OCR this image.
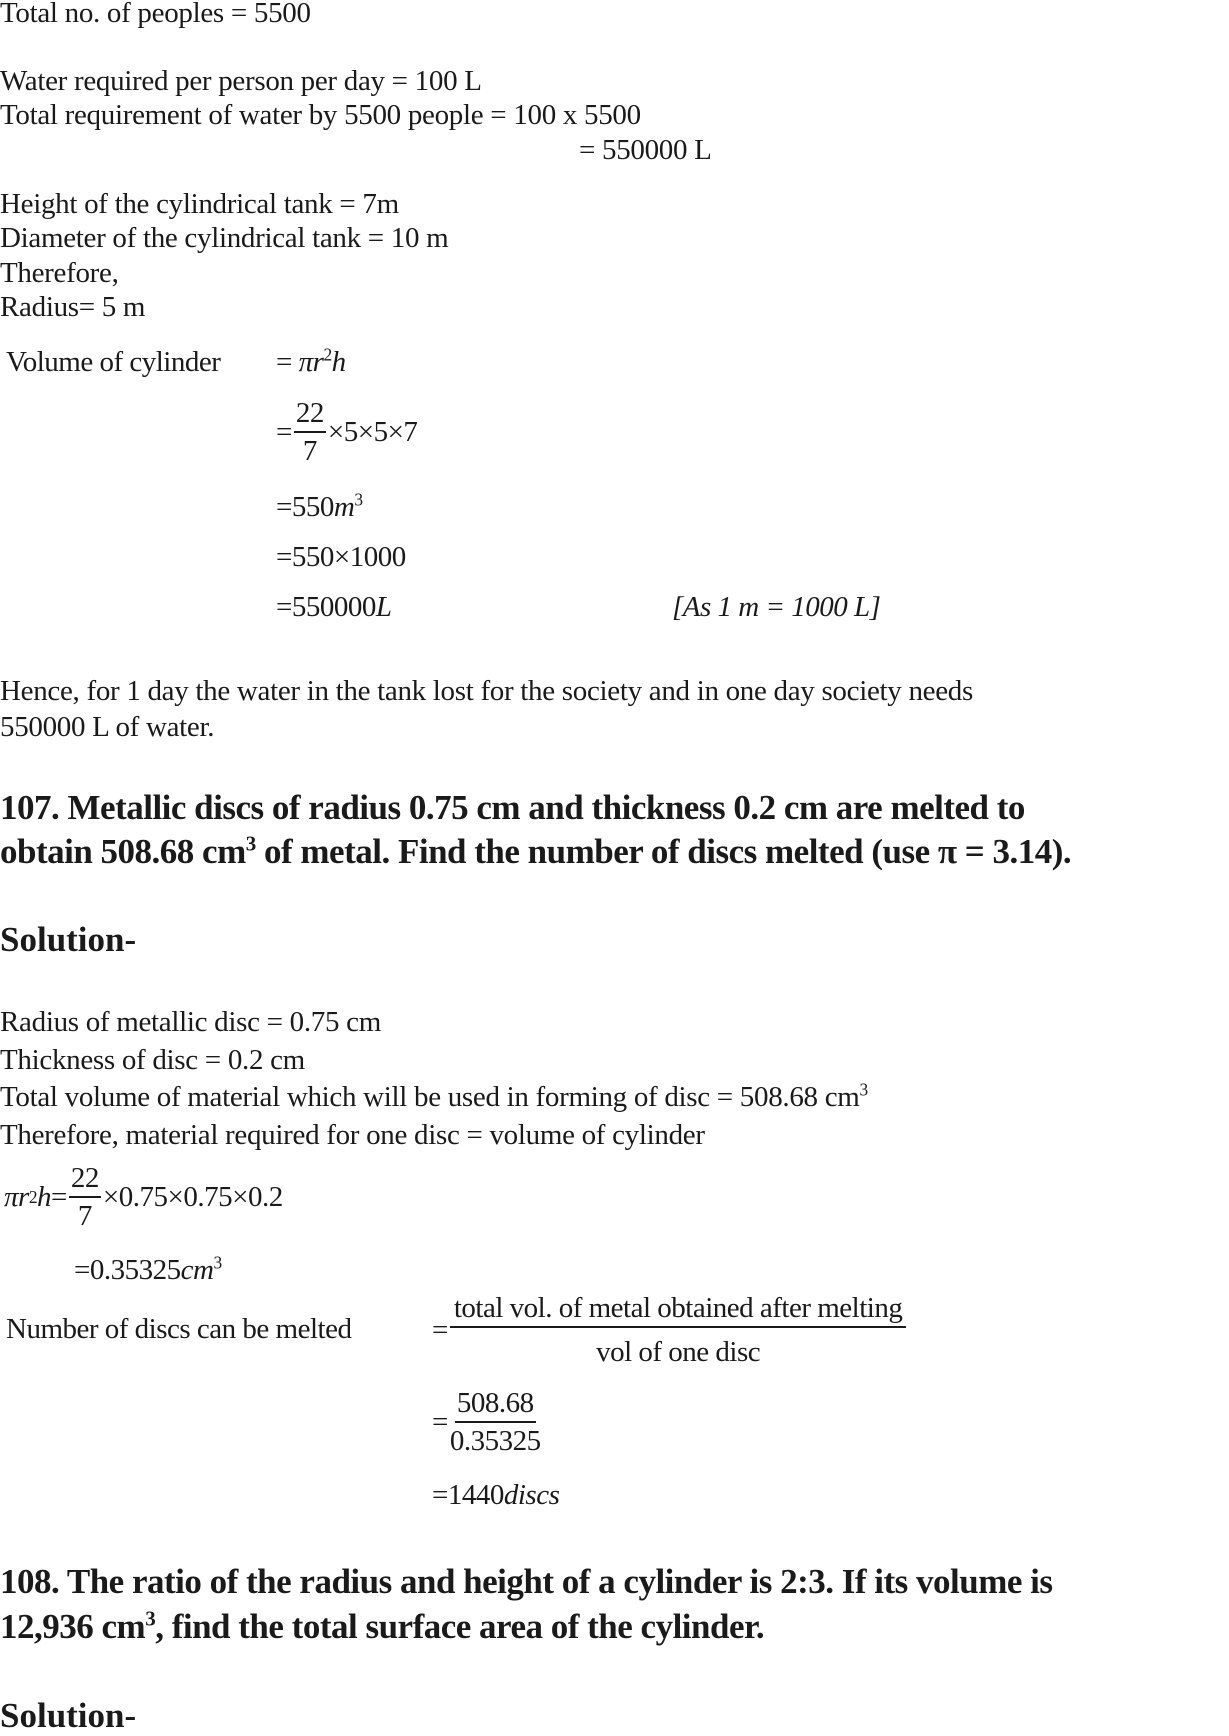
Total no. of peoples = 5500
Water required per person per day = 100 L
Total requirement of water by 5500 people = 100 x 5500
= 550000 L
Height of the cylindrical tank = 7m
Diameter of the cylindrical tank = 10 m
Therefore,
Radius= 5 m
Volume of cylinder = $\pi r^2h$
= $\frac{22}{7} \times 5\times 5\times 7$
$=550m^3$
=550×1000
=550000L	[As 1 m = 1000 L]
Hence, for 1 day the water in the tank lost for the society and in one day society needs
550000 L of water.
107. Metallic discs of radius 0.75 cm and thickness 0.2 cm are melted to
obtain 508.68 $cm^3$ of metal. Find the number of discs melted (use π = 3.14).
Solution-
Radius of metallic disc = 0.75 cm
Thickness of disc = 0.2 cm
Total volume of material which will be used in forming of disc = 508.68 $cm^3$
Therefore, material required for one disc = volume of cylinder
πr 2 $h = \frac{22}{7} \times 0.75\times 0.75\times 0.2$
$=0.35325cm^3$
Number of discs can be melted	= $\frac{\text{total vol. of metal obtained after melting}}{\text{vol of one disc}}$
= $\frac{508.68}{0.35325}$
=1440discs
108. The ratio of the radius and height of a cylinder is 2:3. If its volume is
12,936 $cm^3$, find the total surface area of the cylinder.
Solution-
